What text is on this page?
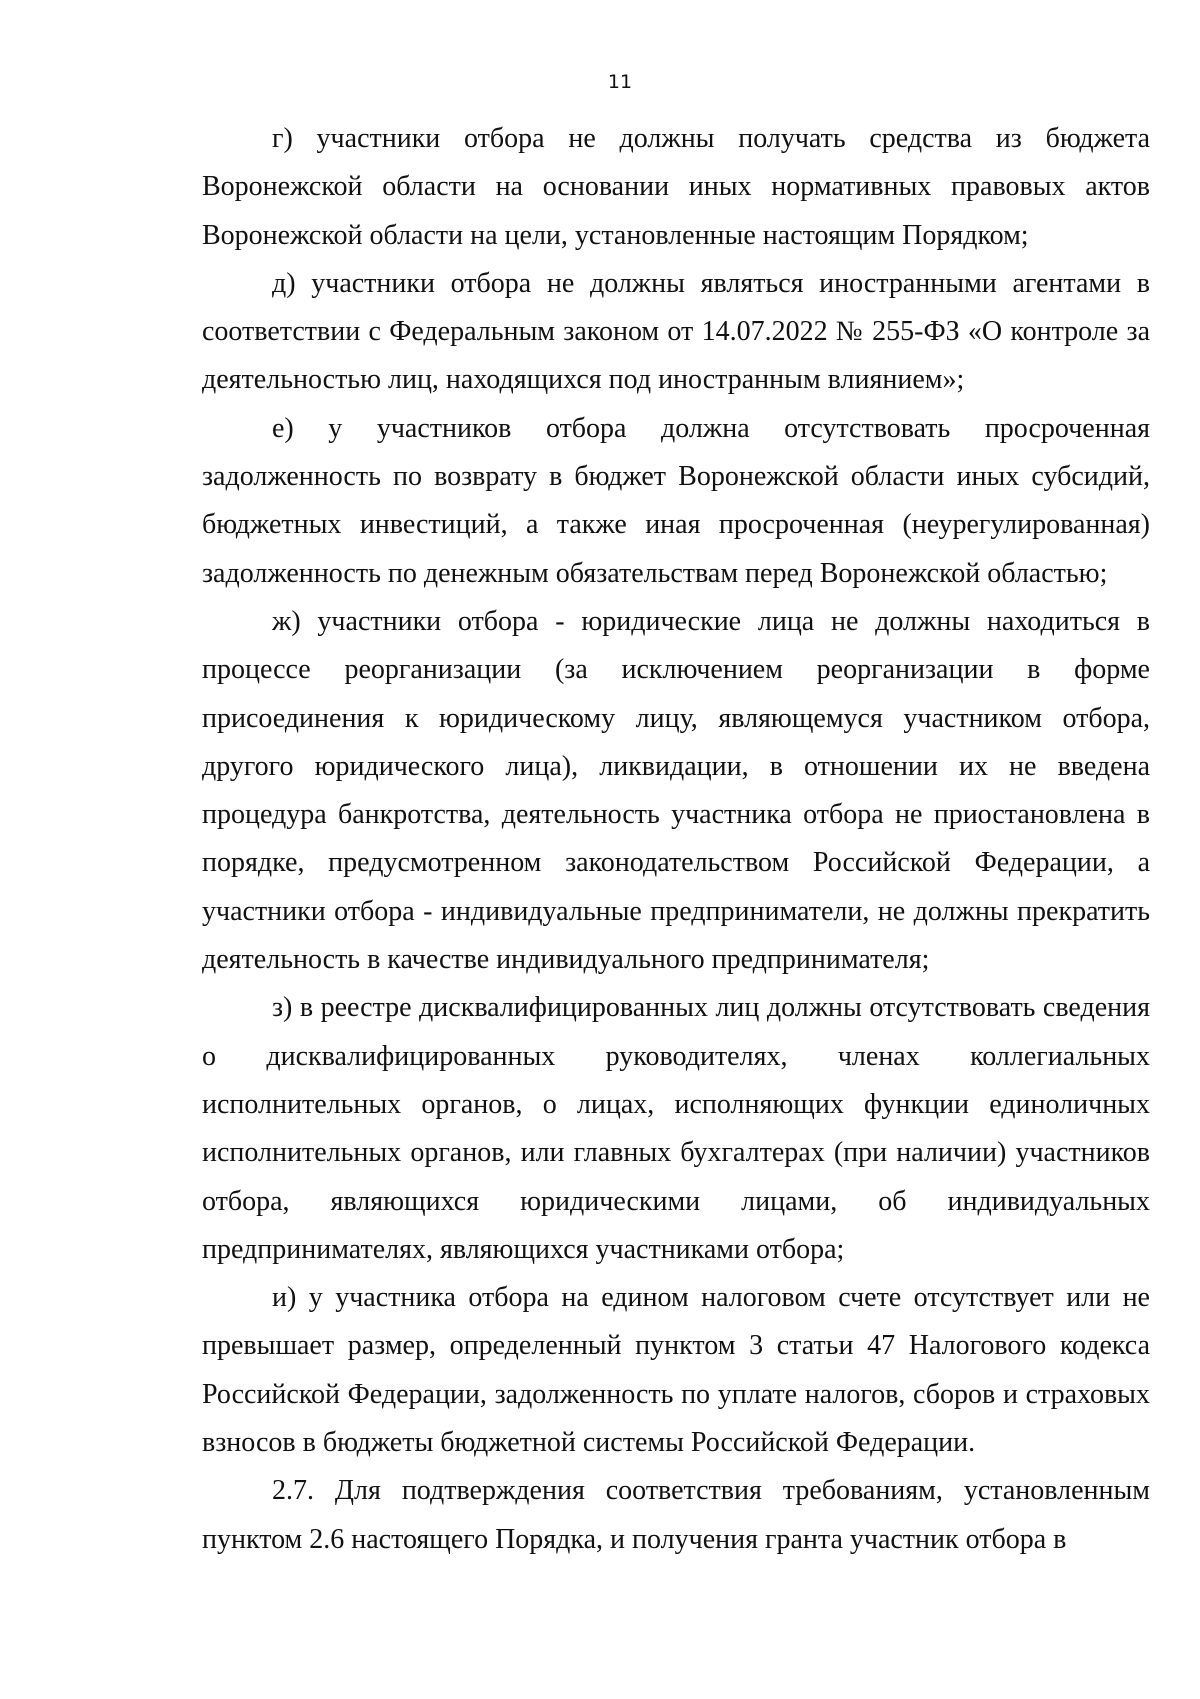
11

г) участники отбора не должны получать средства из бюджета Воронежской области на основании иных нормативных правовых актов Воронежской области на цели, установленные настоящим Порядком;

д) участники отбора не должны являться иностранными агентами в соответствии с Федеральным законом от 14.07.2022 № 255-ФЗ «О контроле за деятельностью лиц, находящихся под иностранным влиянием»;

е) у участников отбора должна отсутствовать просроченная задолженность по возврату в бюджет Воронежской области иных субсидий, бюджетных инвестиций, а также иная просроченная (неурегулированная) задолженность по денежным обязательствам перед Воронежской областью;

ж) участники отбора - юридические лица не должны находиться в процессе реорганизации (за исключением реорганизации в форме присоединения к юридическому лицу, являющемуся участником отбора, другого юридического лица), ликвидации, в отношении их не введена процедура банкротства, деятельность участника отбора не приостановлена в порядке, предусмотренном законодательством Российской Федерации, а участники отбора - индивидуальные предприниматели, не должны прекратить деятельность в качестве индивидуального предпринимателя;

з) в реестре дисквалифицированных лиц должны отсутствовать сведения о дисквалифицированных руководителях, членах коллегиальных исполнительных органов, о лицах, исполняющих функции единоличных исполнительных органов, или главных бухгалтерах (при наличии) участников отбора, являющихся юридическими лицами, об индивидуальных предпринимателях, являющихся участниками отбора;

и) у участника отбора на едином налоговом счете отсутствует или не превышает размер, определенный пунктом 3 статьи 47 Налогового кодекса Российской Федерации, задолженность по уплате налогов, сборов и страховых взносов в бюджеты бюджетной системы Российской Федерации.

2.7. Для подтверждения соответствия требованиям, установленным пунктом 2.6 настоящего Порядка, и получения гранта участник отбора в
